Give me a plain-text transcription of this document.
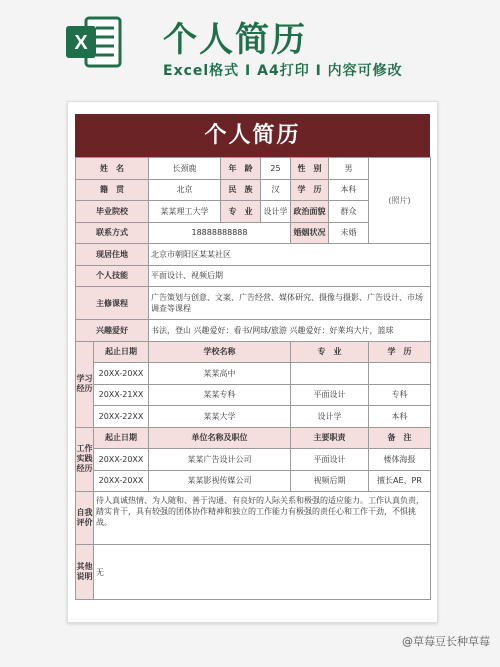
X 个人简历
Excel格式 I A4打印 I 内容可修改
个人简历
姓　名		长颈鹿	年　龄	25	性　别	男	(照片)
籍　贯		北京	民　族	汉	学　历	本科	
毕业院校		某某理工大学	专　业	设计学	政治面貌	群众	
联系方式		18888888888			婚姻状况	未婚	
现居住地		北京市朝阳区某某社区					
个人技能		平面设计、视频后期					
主修课程		广告策划与创意、文案、广告经营、媒体研究、摄像与摄影、广告设计、市场调查等课程					
兴趣爱好		书法，登山 兴趣爱好：看书/网球/旅游 兴趣爱好：好莱坞大片，篮球					
学习经历	起止日期	学校名称			专　业		学　历
	20XX-20XX	某某高中					
	20XX-21XX	某某专科			平面设计		专科
	20XX-22XX	某某大学			设计学		本科
工作实践经历	起止日期	单位名称及职位			主要职责		备　注
	20XX-20XX	某某广告设计公司			平面设计		楼体海报
	20XX-20XX	某某影视传媒公司			视频后期		擅长AE、PR
自我评价	待人真诚热情、为人随和、善于沟通、有良好的人际关系和极强的适应能力。工作认真负责，踏实肯干，具有较强的团体协作精神和独立的工作能力有极强的责任心和工作干劲，不惧挑战。						
其他说明	无						
@草莓豆长种草莓
